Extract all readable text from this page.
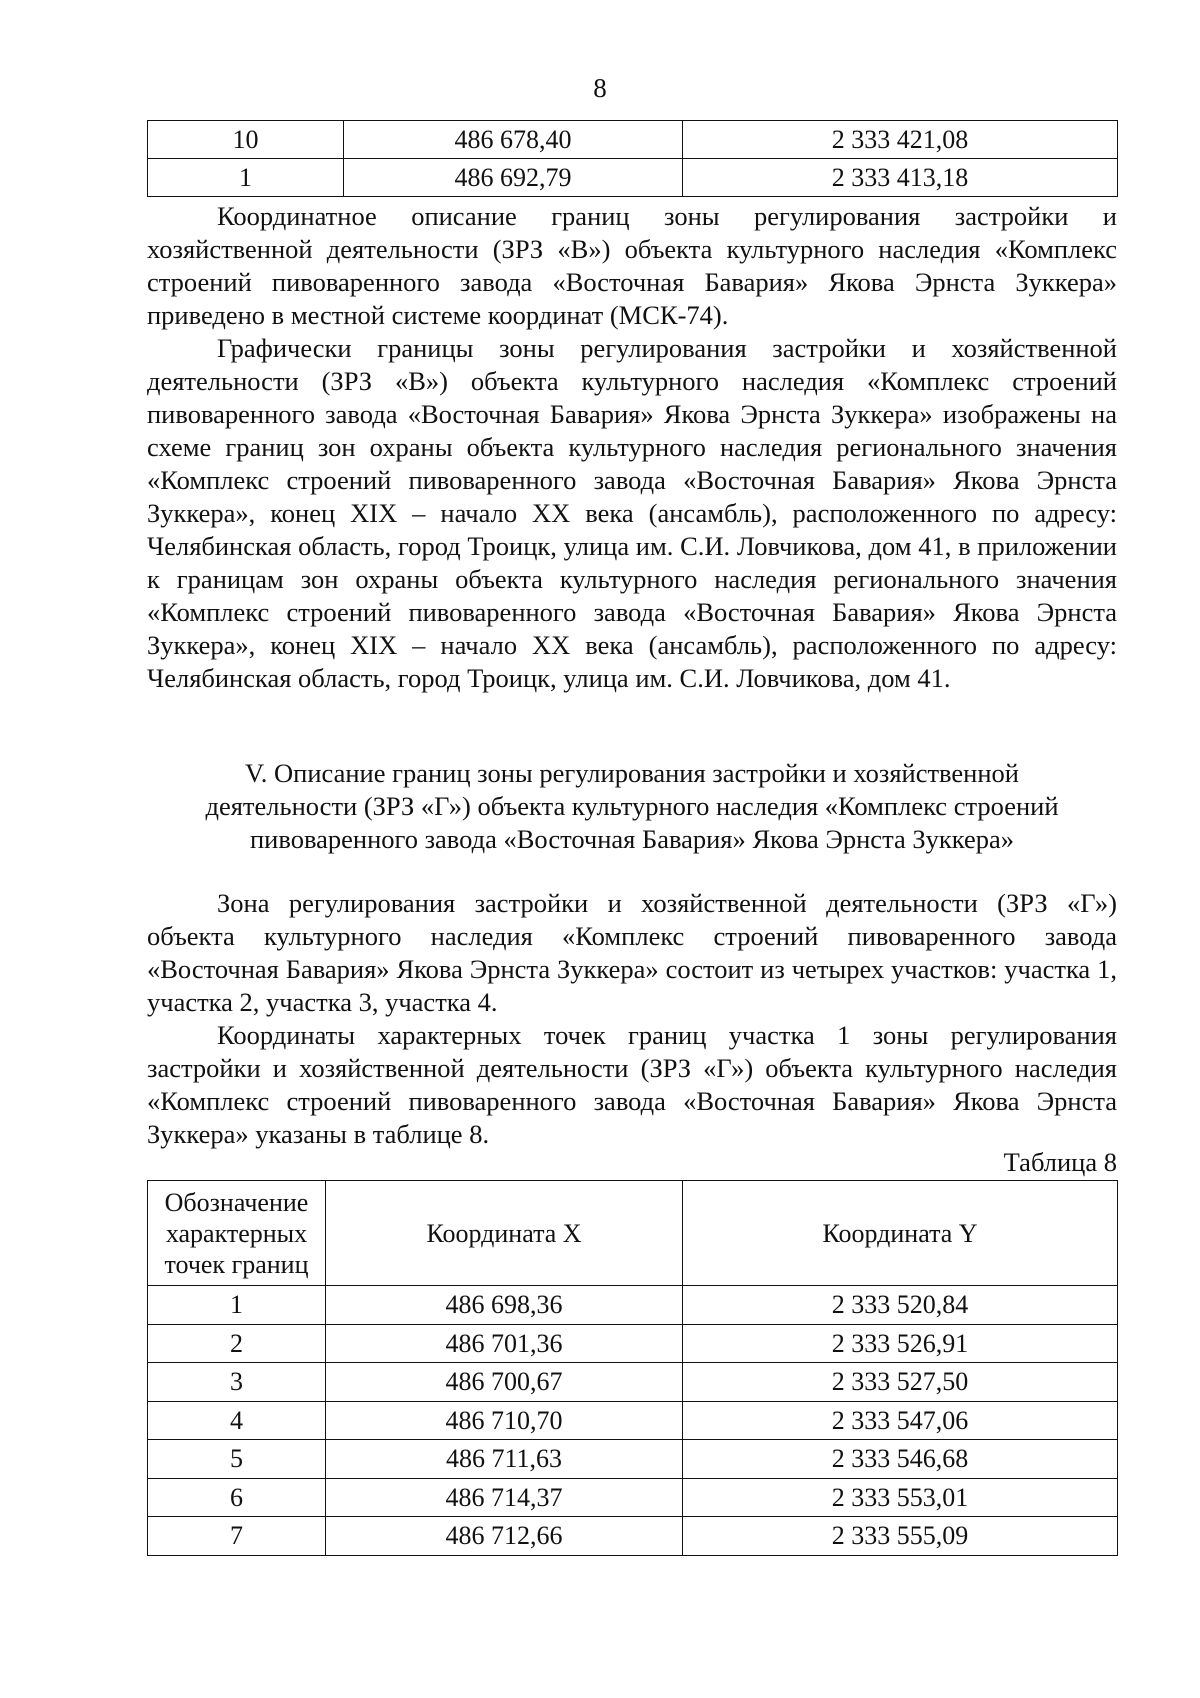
8
10	486 678,40	2 333 421,08
1	486 692,79	2 333 413,18

Координатное описание границ зоны регулирования застройки и хозяйственной деятельности (ЗРЗ «В») объекта культурного наследия «Комплекс строений пивоваренного завода «Восточная Бавария» Якова Эрнста Зуккера» приведено в местной системе координат (МСК-74).

Графически границы зоны регулирования застройки и хозяйственной деятельности (ЗРЗ «В») объекта культурного наследия «Комплекс строений пивоваренного завода «Восточная Бавария» Якова Эрнста Зуккера» изображены на схеме границ зон охраны объекта культурного наследия регионального значения «Комплекс строений пивоваренного завода «Восточная Бавария» Якова Эрнста Зуккера», конец XIX – начало XX века (ансамбль), расположенного по адресу: Челябинская область, город Троицк, улица им. С.И. Ловчикова, дом 41, в приложении к границам зон охраны объекта культурного наследия регионального значения «Комплекс строений пивоваренного завода «Восточная Бавария» Якова Эрнста Зуккера», конец XIX – начало XX века (ансамбль), расположенного по адресу: Челябинская область, город Троицк, улица им. С.И. Ловчикова, дом 41.

V. Описание границ зоны регулирования застройки и хозяйственной
деятельности (ЗРЗ «Г») объекта культурного наследия «Комплекс строений
пивоваренного завода «Восточная Бавария» Якова Эрнста Зуккера»

Зона регулирования застройки и хозяйственной деятельности (ЗРЗ «Г») объекта культурного наследия «Комплекс строений пивоваренного завода «Восточная Бавария» Якова Эрнста Зуккера» состоит из четырех участков: участка 1, участка 2, участка 3, участка 4.

Координаты характерных точек границ участка 1 зоны регулирования застройки и хозяйственной деятельности (ЗРЗ «Г») объекта культурного наследия «Комплекс строений пивоваренного завода «Восточная Бавария» Якова Эрнста Зуккера» указаны в таблице 8.

Таблица 8
Обозначение характерных точек границ	Координата X	Координата Y
1	486 698,36	2 333 520,84
2	486 701,36	2 333 526,91
3	486 700,67	2 333 527,50
4	486 710,70	2 333 547,06
5	486 711,63	2 333 546,68
6	486 714,37	2 333 553,01
7	486 712,66	2 333 555,09
